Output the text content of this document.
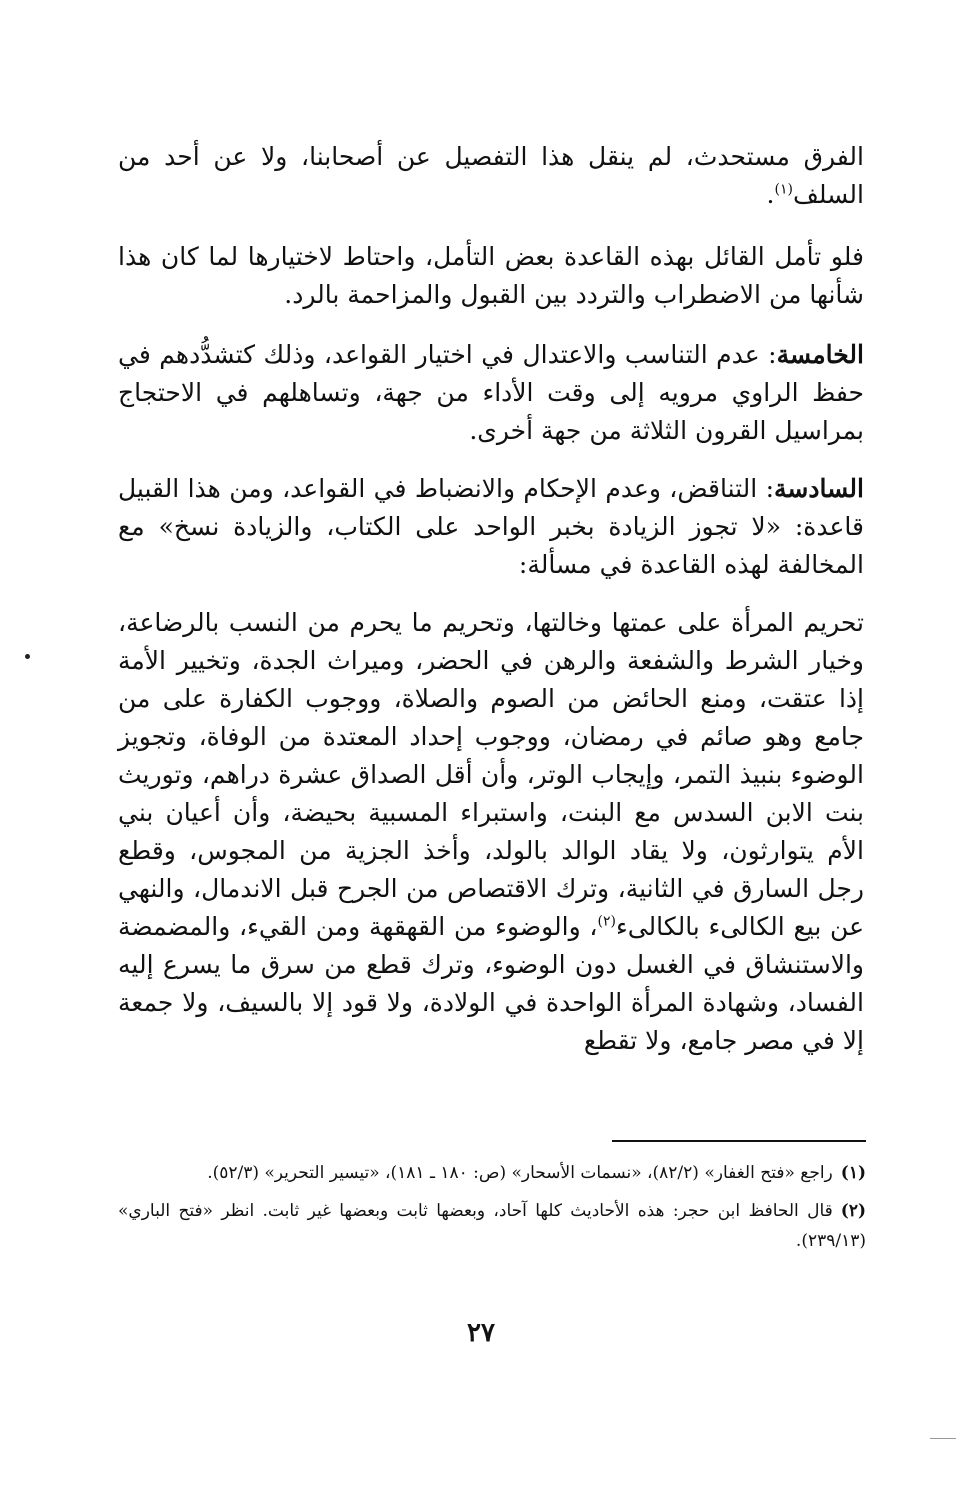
الفرق مستحدث، لم ينقل هذا التفصيل عن أصحابنا، ولا عن أحد من السلف$^{(١)}$.

فلو تأمل القائل بهذه القاعدة بعض التأمل، واحتاط لاختيارها لما كان هذا شأنها من الاضطراب والتردد بين القبول والمزاحمة بالرد.

الخامسة: عدم التناسب والاعتدال في اختيار القواعد، وذلك كتشدُّدهم في حفظ الراوي مرويه إلى وقت الأداء من جهة، وتساهلهم في الاحتجاج بمراسيل القرون الثلاثة من جهة أخرى.

السادسة: التناقض، وعدم الإحكام والانضباط في القواعد، ومن هذا القبيل قاعدة: «لا تجوز الزيادة بخبر الواحد على الكتاب، والزيادة نسخ» مع المخالفة لهذه القاعدة في مسألة:

تحريم المرأة على عمتها وخالتها، وتحريم ما يحرم من النسب بالرضاعة، وخيار الشرط والشفعة والرهن في الحضر، وميراث الجدة، وتخيير الأمة إذا عتقت، ومنع الحائض من الصوم والصلاة، ووجوب الكفارة على من جامع وهو صائم في رمضان، ووجوب إحداد المعتدة من الوفاة، وتجويز الوضوء بنبيذ التمر، وإيجاب الوتر، وأن أقل الصداق عشرة دراهم، وتوريث بنت الابن السدس مع البنت، واستبراء المسبية بحيضة، وأن أعيان بني الأم يتوارثون، ولا يقاد الوالد بالولد، وأخذ الجزية من المجوس، وقطع رجل السارق في الثانية، وترك الاقتصاص من الجرح قبل الاندمال، والنهي عن بيع الكالىء بالكالىء$^{(٢)}$، والوضوء من القهقهة ومن القيء، والمضمضة والاستنشاق في الغسل دون الوضوء، وترك قطع من سرق ما يسرع إليه الفساد، وشهادة المرأة الواحدة في الولادة، ولا قود إلا بالسيف، ولا جمعة إلا في مصر جامع، ولا تقطع

(١)راجع «فتح الغفار» (٨٢/٢)، «نسمات الأسحار» (ص: ١٨٠ ـ ١٨١)، «تيسير التحرير» (٥٢/٣).

(٢)قال الحافظ ابن حجر: هذه الأحاديث كلها آحاد، وبعضها ثابت وبعضها غير ثابت. انظر «فتح الباري» (٢٣٩/١٣).

٢٧
